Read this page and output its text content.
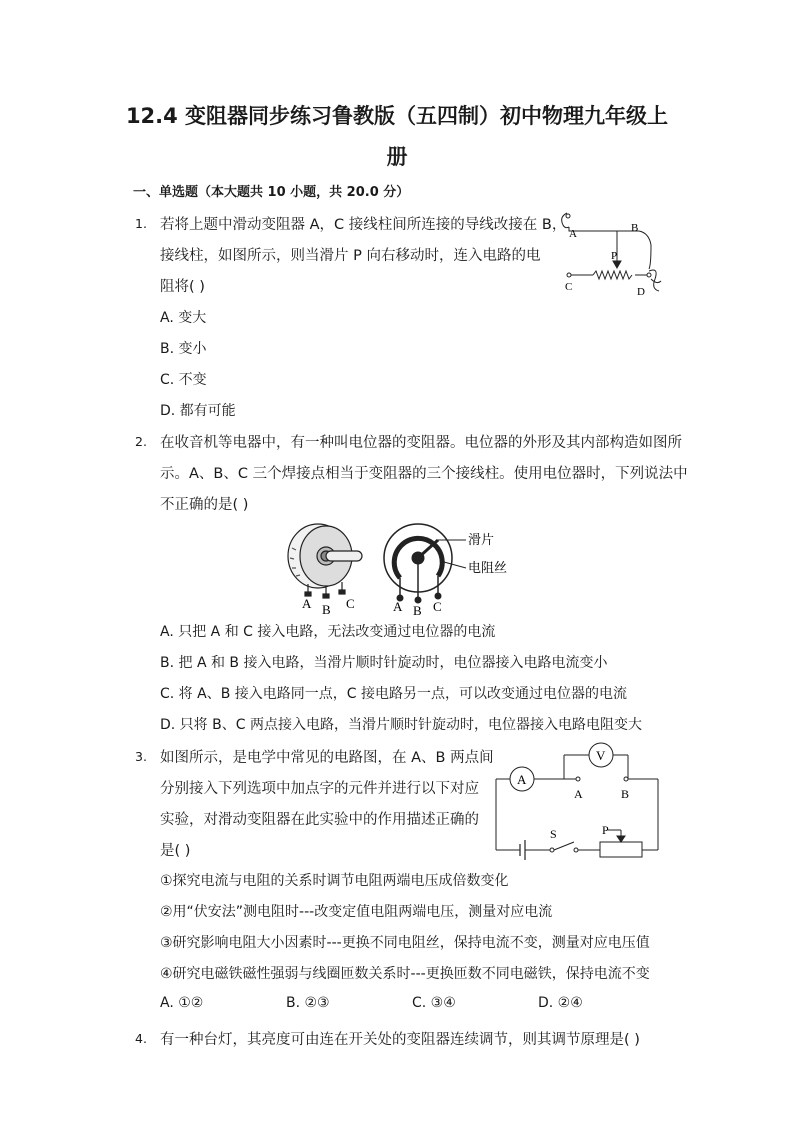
12.4 变阻器同步练习鲁教版（五四制）初中物理九年级上
册
一、单选题（本大题共 10 小题，共 20.0 分）
1. 若将上题中滑动变阻器 A，C 接线柱间所连接的导线改接在 B，
接线柱，如图所示，则当滑片 P 向右移动时，连入电路的电
阻将( )
A. 变大
B. 变小
C. 不变
D. 都有可能
A	B
P
C	D
2. 在收音机等电器中，有一种叫电位器的变阻器。电位器的外形及其内部构造如图所
示。A、B、C 三个焊接点相当于变阻器的三个接线柱。使用电位器时，下列说法中
不正确的是( )
A B C
滑片
电阻丝
A B C
A. 只把 A 和 C 接入电路，无法改变通过电位器的电流
B. 把 A 和 B 接入电路，当滑片顺时针旋动时，电位器接入电路电流变小
C. 将 A、B 接入电路同一点，C 接电路另一点，可以改变通过电位器的电流
D. 只将 B、C 两点接入电路，当滑片顺时针旋动时，电位器接入电路电阻变大
3. 如图所示，是电学中常见的电路图，在 A、B 两点间
分别接入下列选项中加点字的元件并进行以下对应
实验，对滑动变阻器在此实验中的作用描述正确的
是( )
A
V
A	B
S	P
①探究电流与电阻的关系时调节电阻两端电压成倍数变化
②用“伏安法”测电阻时---改变定值电阻两端电压，测量对应电流
③研究影响电阻大小因素时---更换不同电阻丝，保持电流不变，测量对应电压值
④研究电磁铁磁性强弱与线圈匝数关系时---更换匝数不同电磁铁，保持电流不变
A. ①②	B. ②③	C. ③④	D. ②④
4. 有一种台灯，其亮度可由连在开关处的变阻器连续调节，则其调节原理是( )
